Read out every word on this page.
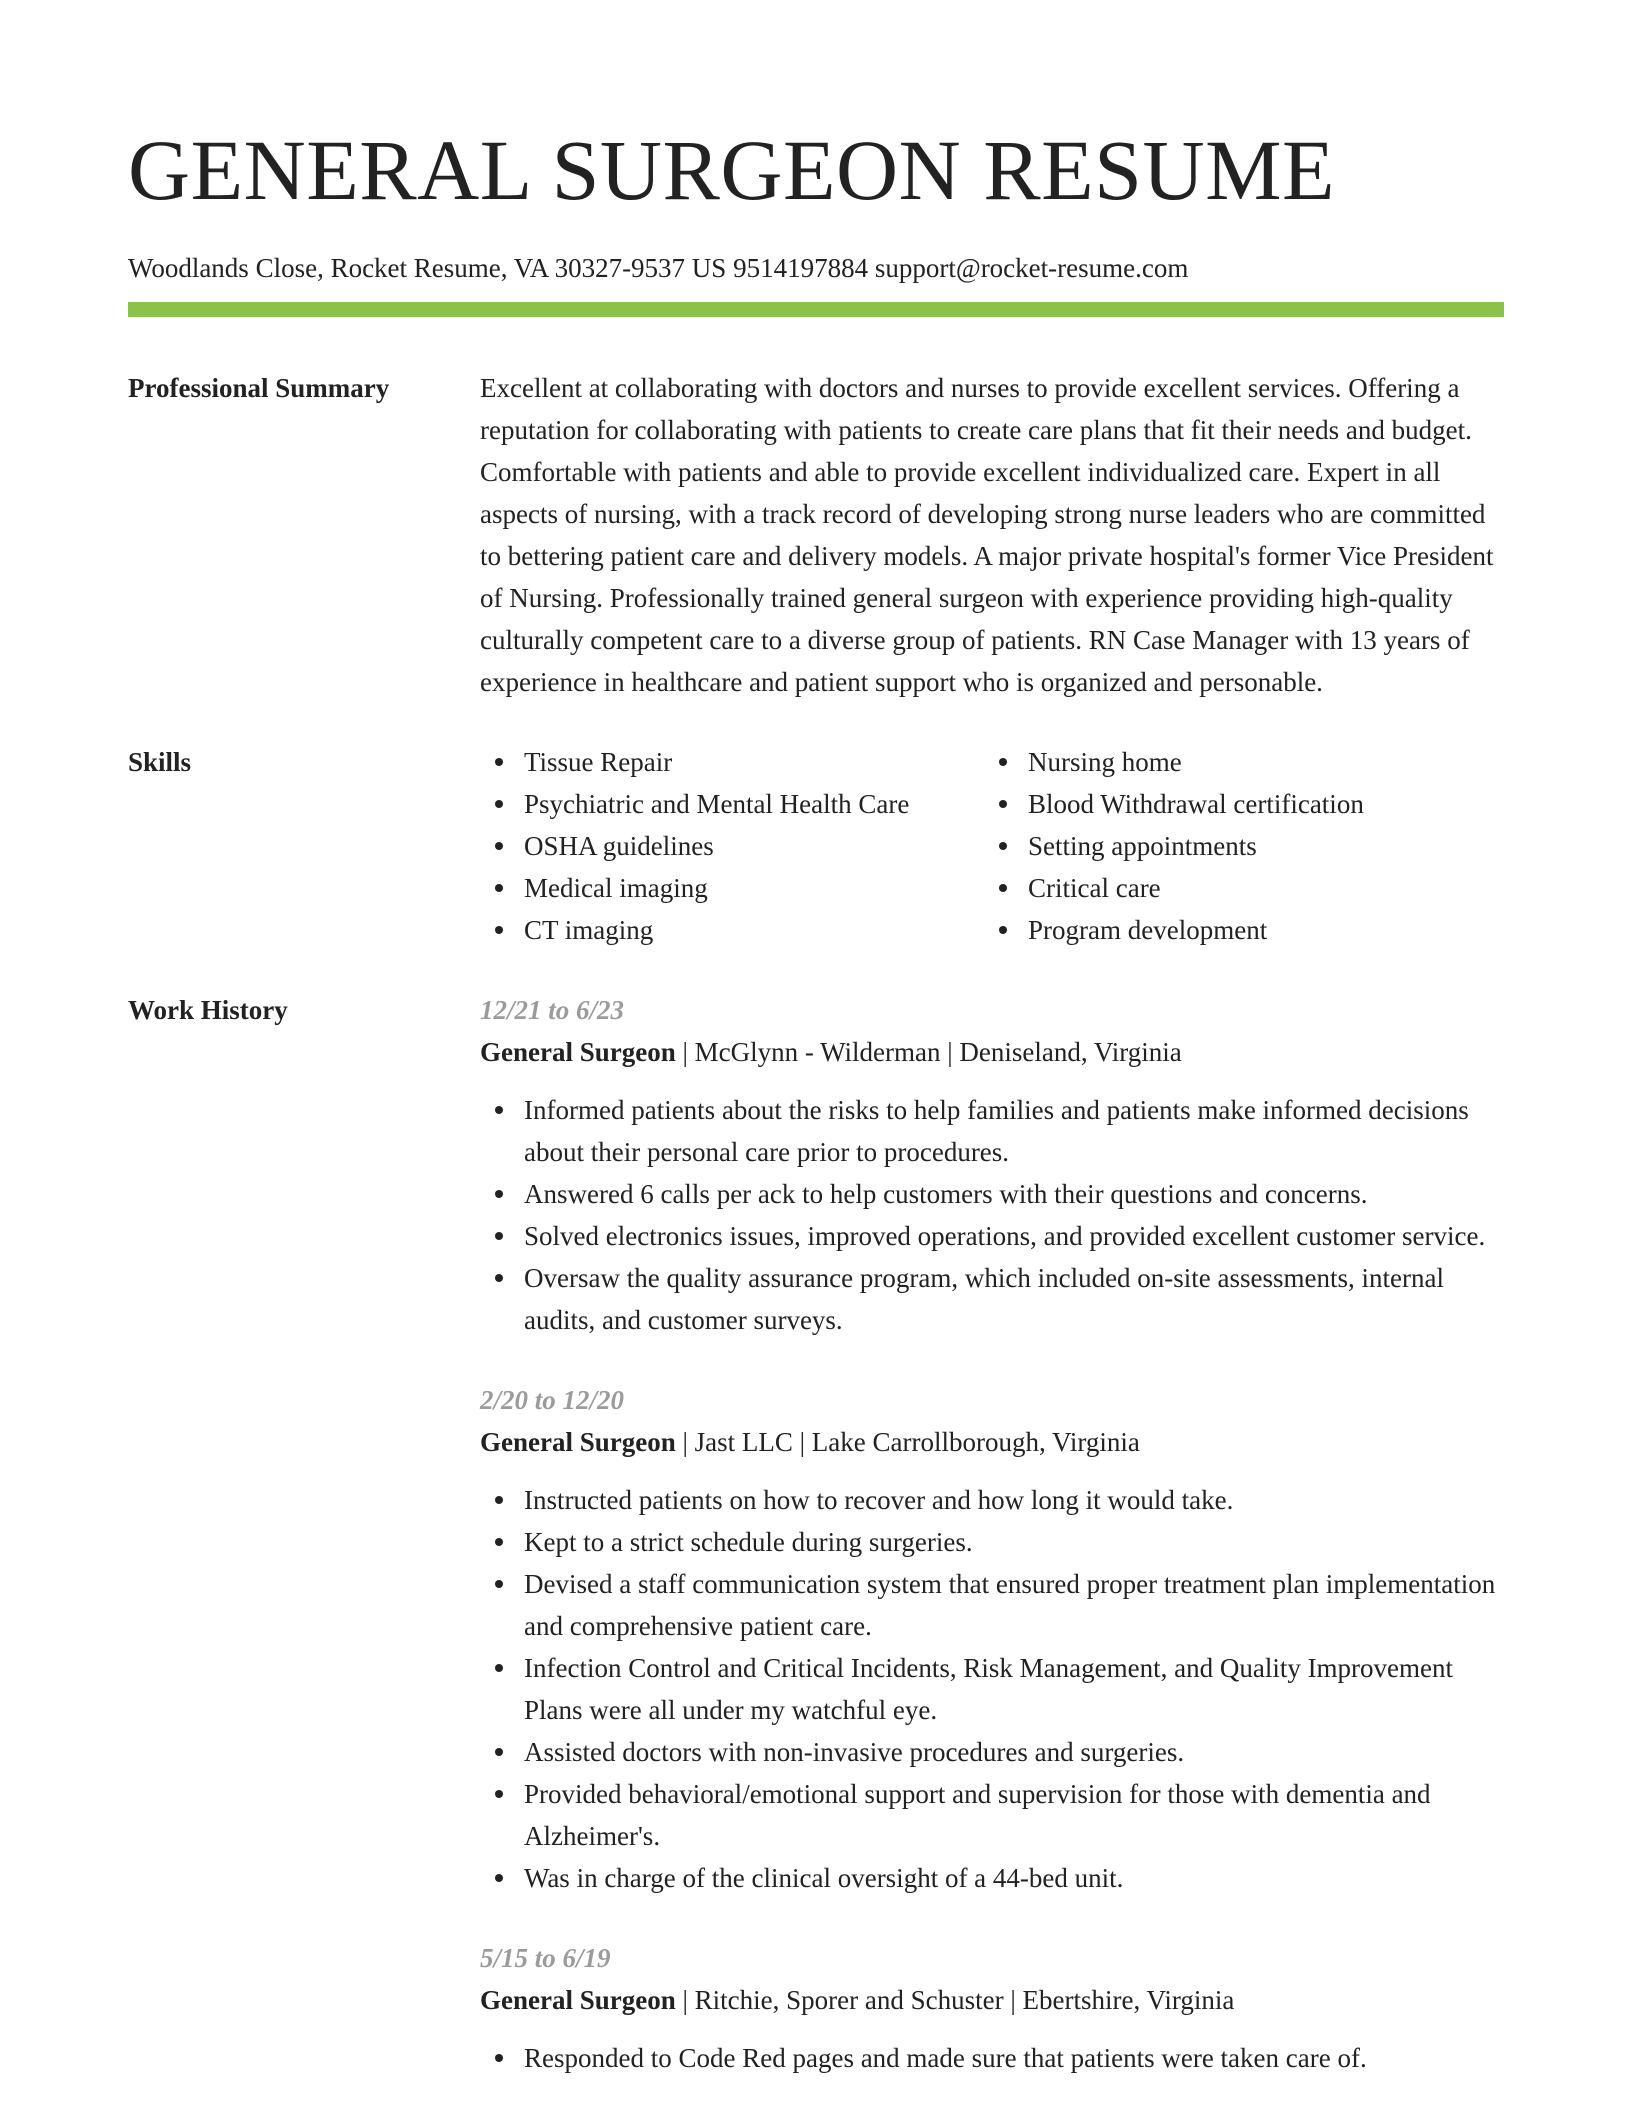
GENERAL SURGEON RESUME
Woodlands Close, Rocket Resume, VA 30327-9537 US 9514197884 support@rocket-resume.com
Professional Summary	Excellent at collaborating with doctors and nurses to provide excellent services. Offering a reputation for collaborating with patients to create care plans that fit their needs and budget. Comfortable with patients and able to provide excellent individualized care. Expert in all aspects of nursing, with a track record of developing strong nurse leaders who are committed to bettering patient care and delivery models. A major private hospital's former Vice President of Nursing. Professionally trained general surgeon with experience providing high-quality culturally competent care to a diverse group of patients. RN Case Manager with 13 years of experience in healthcare and patient support who is organized and personable.

Skills	Tissue Repair
Psychiatric and Mental Health Care
OSHA guidelines
Medical imaging
CT imaging
Nursing home
Blood Withdrawal certification
Setting appointments
Critical care
Program development
Work History	12/21 to 6/23
General Surgeon | McGlynn - Wilderman | Deniseland, Virginia
Informed patients about the risks to help families and patients make informed decisions about their personal care prior to procedures.
Answered 6 calls per ack to help customers with their questions and concerns.
Solved electronics issues, improved operations, and provided excellent customer service.
Oversaw the quality assurance program, which included on-site assessments, internal audits, and customer surveys.
2/20 to 12/20
General Surgeon | Jast LLC | Lake Carrollborough, Virginia
Instructed patients on how to recover and how long it would take.
Kept to a strict schedule during surgeries.
Devised a staff communication system that ensured proper treatment plan implementation and comprehensive patient care.
Infection Control and Critical Incidents, Risk Management, and Quality Improvement Plans were all under my watchful eye.
Assisted doctors with non-invasive procedures and surgeries.
Provided behavioral/emotional support and supervision for those with dementia and Alzheimer's.
Was in charge of the clinical oversight of a 44-bed unit.
5/15 to 6/19
General Surgeon | Ritchie, Sporer and Schuster | Ebertshire, Virginia
Responded to Code Red pages and made sure that patients were taken care of.
